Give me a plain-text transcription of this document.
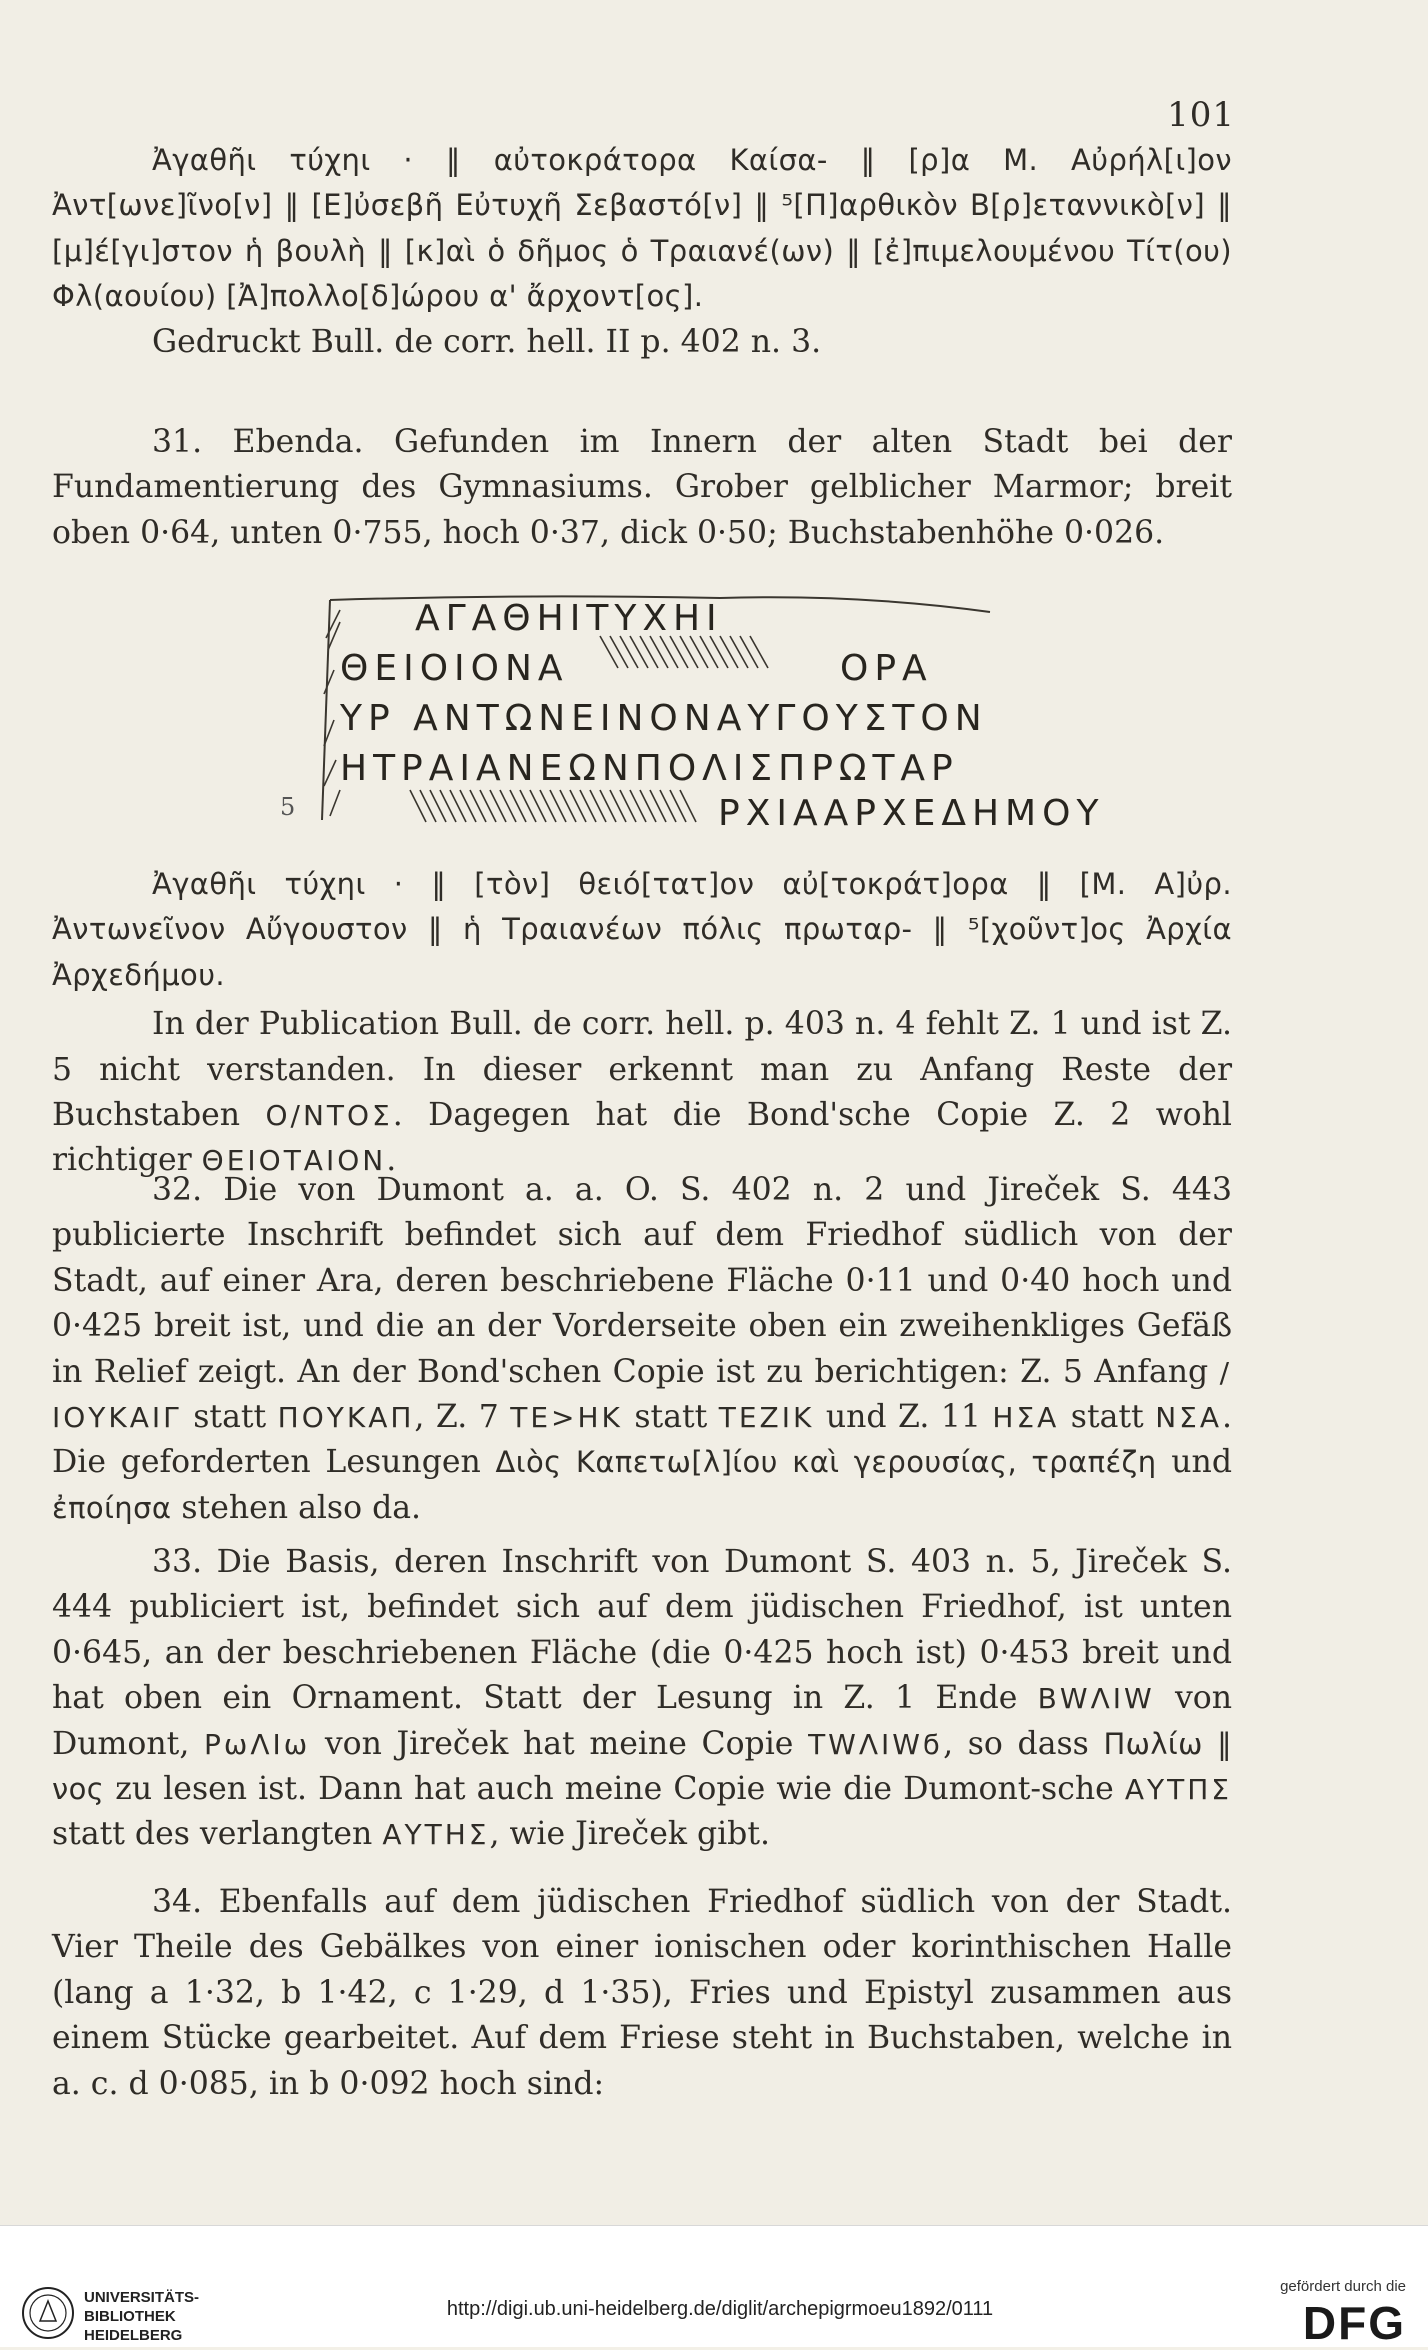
101

Ἀγαθῆι τύχηι · ‖ αὐτοκράτορα Καίσα- ‖ [ρ]α Μ. Αὐρήλ[ι]ον Ἀντ[ωνε]ῖνο[ν] ‖ [Ε]ὐσεβῆ Εὐτυχῆ Σεβαστό[ν] ‖ ⁵[Π]αρθικὸν Β[ρ]εταννικὸ[ν] ‖ [μ]έ[γι]στον ἡ βουλὴ ‖ [κ]αὶ ὁ δῆμος ὁ Τραιανέ(ων) ‖ [ἐ]πιμελουμένου Τίτ(ου) Φλ(αουίου) [Ἀ]πολλο[δ]ώρου α' ἄρχοντ[ος].

Gedruckt Bull. de corr. hell. II p. 402 n. 3.

31. Ebenda. Gefunden im Innern der alten Stadt bei der Fundamentierung des Gymnasiums. Grober gelblicher Marmor; breit oben 0·64, unten 0·755, hoch 0·37, dick 0·50; Buchstabenhöhe 0·026.

ΑΓΑΘΗΙΤΥΧΗΙ
ΘΕΙΟΙΟΝΑ	ΟΡΑ
ΥΡ ΑΝΤΩΝΕΙΝΟΝΑΥΓΟΥΣΤΟΝ
ΗΤΡΑΙΑΝΕΩΝΠΟΛΙΣΠΡΩΤΑΡ
ΡΧΙΑΑΡΧΕΔΗΜΟΥ
5

Ἀγαθῆι τύχηι · ‖ [τὸν] θειό[τατ]ον αὐ[τοκράτ]ορα ‖ [Μ. Α]ὐρ. Ἀντωνεῖνον Αὔγουστον ‖ ἡ Τραιανέων πόλις πρωταρ- ‖ ⁵[χοῦντ]ος Ἀρχία Ἀρχεδήμου.

In der Publication Bull. de corr. hell. p. 403 n. 4 fehlt Z. 1 und ist Z. 5 nicht verstanden. In dieser erkennt man zu Anfang Reste der Buchstaben Ο/ΝΤΟΣ. Dagegen hat die Bond'sche Copie Z. 2 wohl richtiger ΘΕΙΟΤΑΙΟΝ.

32. Die von Dumont a. a. O. S. 402 n. 2 und Jireček S. 443 publicierte Inschrift befindet sich auf dem Friedhof südlich von der Stadt, auf einer Ara, deren beschriebene Fläche 0·11 und 0·40 hoch und 0·425 breit ist, und die an der Vorderseite oben ein zweihenkliges Gefäß in Relief zeigt. An der Bond'schen Copie ist zu berichtigen: Z. 5 Anfang /ΙΟΥΚΑΙΓ statt ΠΟΥΚΑΠ, Z. 7 ΤΕ>ΗΚ statt ΤΕΖΙΚ und Z. 11 ΗΣΑ statt ΝΣΑ. Die geforderten Lesungen Διὸς Καπετω[λ]ίου καὶ γερουσίας, τραπέζη und ἐποίησα stehen also da.

33. Die Basis, deren Inschrift von Dumont S. 403 n. 5, Jireček S. 444 publiciert ist, befindet sich auf dem jüdischen Friedhof, ist unten 0·645, an der beschriebenen Fläche (die 0·425 hoch ist) 0·453 breit und hat oben ein Ornament. Statt der Lesung in Z. 1 Ende ΒWΛΙW von Dumont, ΡωΛΙω von Jireček hat meine Copie ΤWΛΙWϭ, so dass Πωλίω ‖ νος zu lesen ist. Dann hat auch meine Copie wie die Dumont-sche ΑΥΤΠΣ statt des verlangten ΑΥΤΗΣ, wie Jireček gibt.

34. Ebenfalls auf dem jüdischen Friedhof südlich von der Stadt. Vier Theile des Gebälkes von einer ionischen oder korinthischen Halle (lang a 1·32, b 1·42, c 1·29, d 1·35), Fries und Epistyl zusammen aus einem Stücke gearbeitet. Auf dem Friese steht in Buchstaben, welche in a. c. d 0·085, in b 0·092 hoch sind:

UNIVERSITÄTS-
BIBLIOTHEK
HEIDELBERG
http://digi.ub.uni-heidelberg.de/diglit/archepigrmoeu1892/0111
gefördert durch die
DFG
